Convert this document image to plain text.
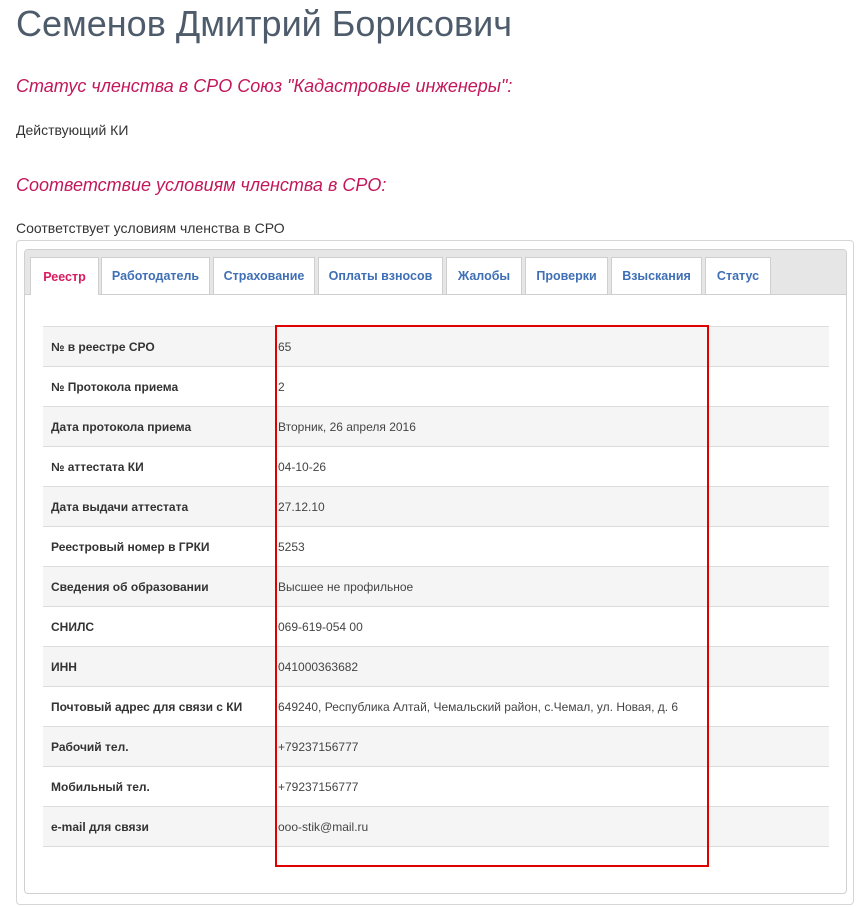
Семенов Дмитрий Борисович
Статус членства в СРО Союз "Кадастровые инженеры":
Действующий КИ
Соответствие условиям членства в СРО:
Соответствует условиям членства в СРО
Реестр	Работодатель	Страхование	Оплаты взносов	Жалобы	Проверки	Взыскания	Статус
№ в реестре СРО	65
№ Протокола приема	2
Дата протокола приема	Вторник, 26 апреля 2016
№ аттестата КИ	04-10-26
Дата выдачи аттестата	27.12.10
Реестровый номер в ГРКИ	5253
Сведения об образовании	Высшее не профильное
СНИЛС	069-619-054 00
ИНН	041000363682
Почтовый адрес для связи с КИ	649240, Республика Алтай, Чемальский район, с.Чемал, ул. Новая, д. 6
Рабочий тел.	+79237156777
Мобильный тел.	+79237156777
e-mail для связи	ooo-stik@mail.ru
